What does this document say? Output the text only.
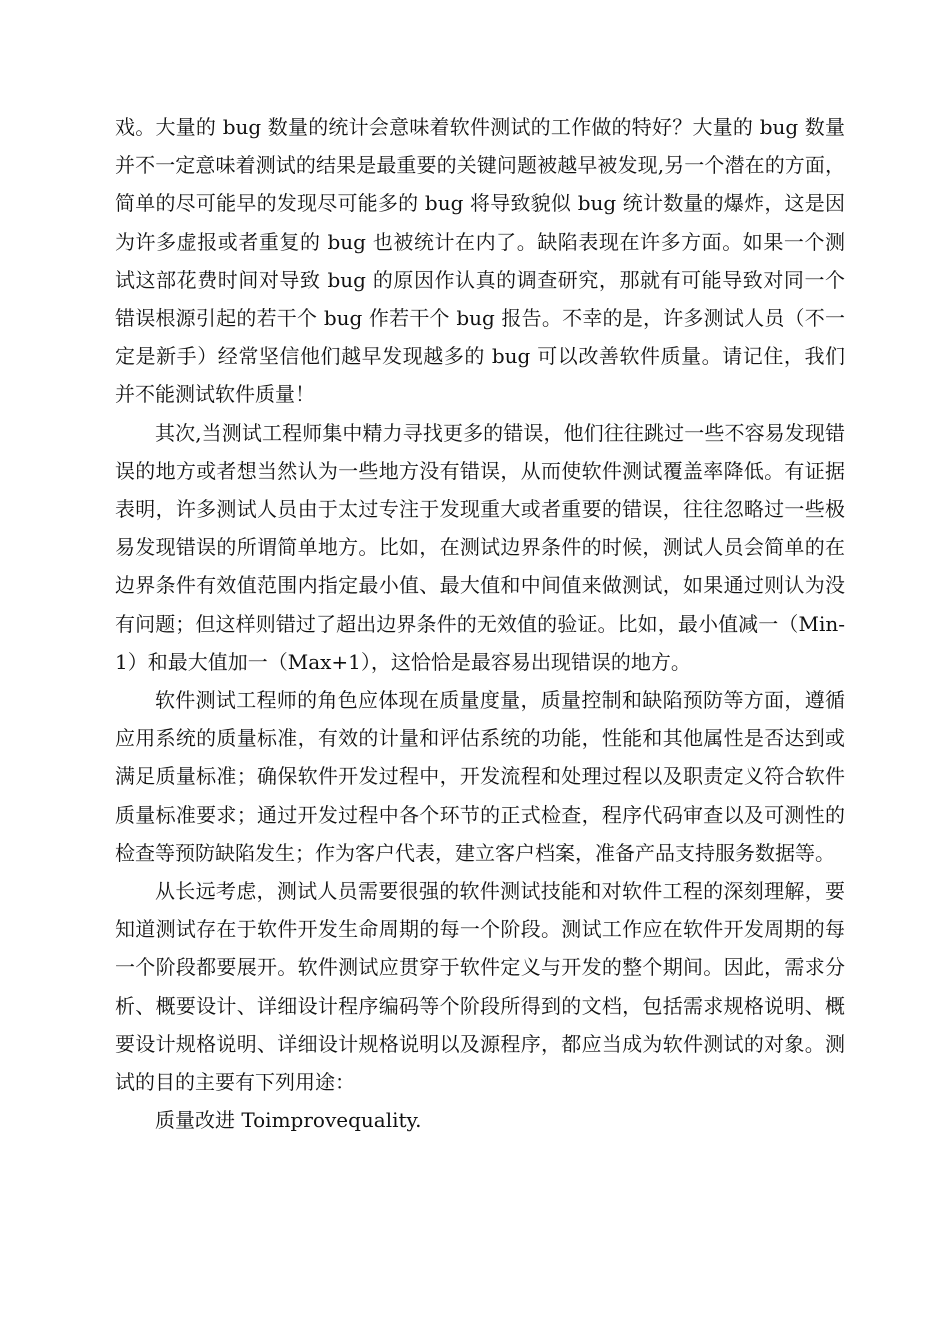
戏。大量的 bug 数量的统计会意味着软件测试的工作做的特好？大量的 bug 数量并不一定意味着测试的结果是最重要的关键问题被越早被发现,另一个潜在的方面，简单的尽可能早的发现尽可能多的 bug 将导致貌似 bug 统计数量的爆炸，这是因为许多虚报或者重复的 bug 也被统计在内了。缺陷表现在许多方面。如果一个测试这部花费时间对导致 bug 的原因作认真的调查研究，那就有可能导致对同一个错误根源引起的若干个 bug 作若干个 bug 报告。不幸的是，许多测试人员（不一定是新手）经常坚信他们越早发现越多的 bug 可以改善软件质量。请记住，我们并不能测试软件质量！

其次,当测试工程师集中精力寻找更多的错误，他们往往跳过一些不容易发现错误的地方或者想当然认为一些地方没有错误，从而使软件测试覆盖率降低。有证据表明，许多测试人员由于太过专注于发现重大或者重要的错误，往往忽略过一些极易发现错误的所谓简单地方。比如，在测试边界条件的时候，测试人员会简单的在边界条件有效值范围内指定最小值、最大值和中间值来做测试，如果通过则认为没有问题；但这样则错过了超出边界条件的无效值的验证。比如，最小值减一（Min-1）和最大值加一（Max+1），这恰恰是最容易出现错误的地方。

软件测试工程师的角色应体现在质量度量，质量控制和缺陷预防等方面，遵循应用系统的质量标准，有效的计量和评估系统的功能，性能和其他属性是否达到或满足质量标准；确保软件开发过程中，开发流程和处理过程以及职责定义符合软件质量标准要求；通过开发过程中各个环节的正式检查，程序代码审查以及可测性的检查等预防缺陷发生；作为客户代表，建立客户档案，准备产品支持服务数据等。

从长远考虑，测试人员需要很强的软件测试技能和对软件工程的深刻理解，要知道测试存在于软件开发生命周期的每一个阶段。测试工作应在软件开发周期的每一个阶段都要展开。软件测试应贯穿于软件定义与开发的整个期间。因此，需求分析、概要设计、详细设计程序编码等个阶段所得到的文档，包括需求规格说明、概要设计规格说明、详细设计规格说明以及源程序，都应当成为软件测试的对象。测试的目的主要有下列用途：

质量改进 Toimprovequality.
